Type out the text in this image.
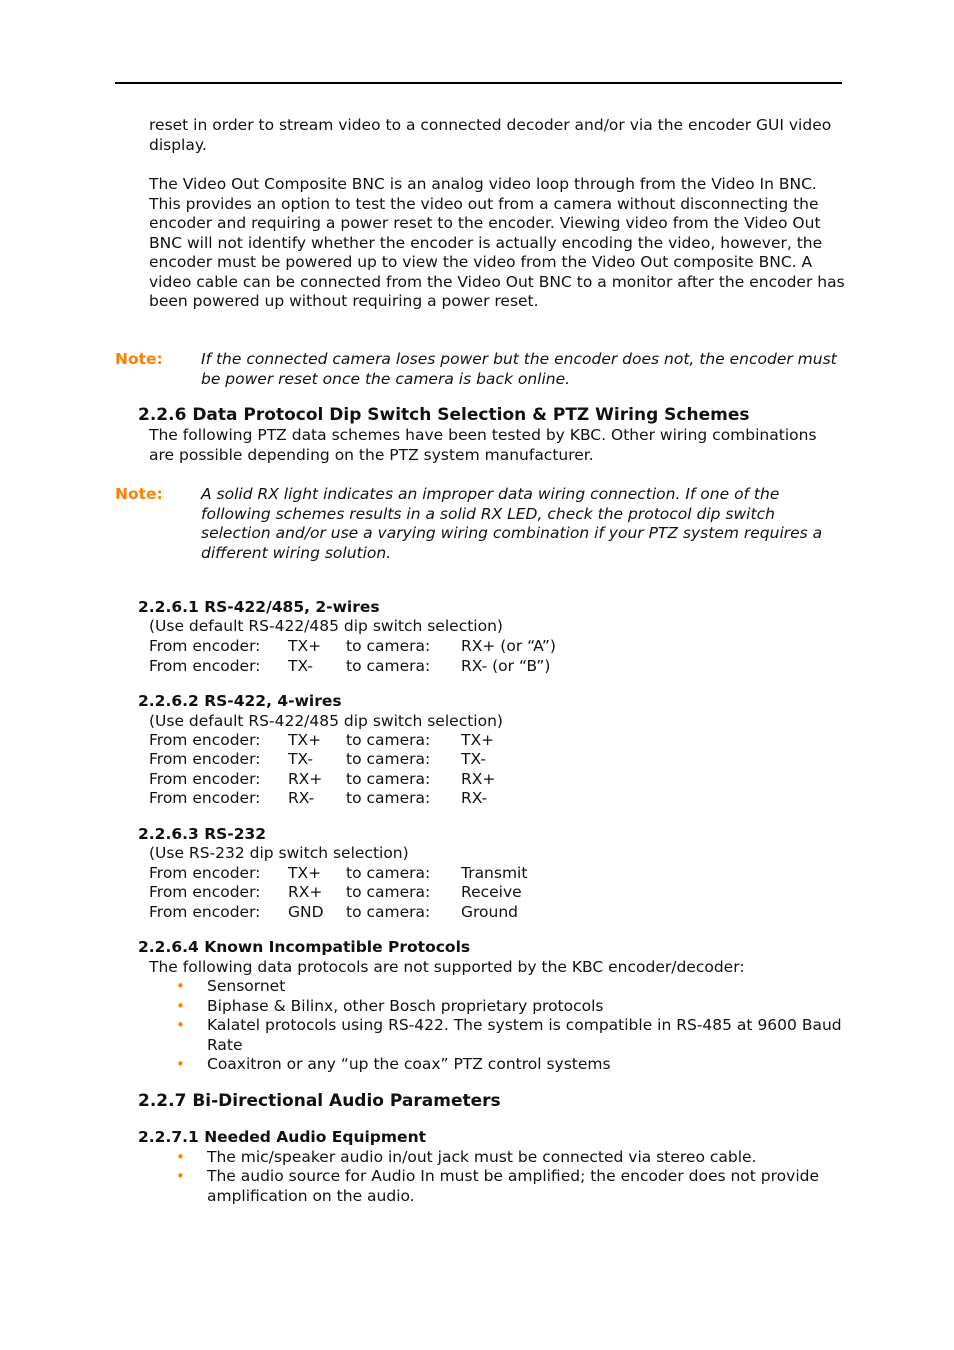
reset in order to stream video to a connected decoder and/or via the encoder GUI video display.

The Video Out Composite BNC is an analog video loop through from the Video In BNC. This provides an option to test the video out from a camera without disconnecting the encoder and requiring a power reset to the encoder. Viewing video from the Video Out BNC will not identify whether the encoder is actually encoding the video, however, the encoder must be powered up to view the video from the Video Out composite BNC. A video cable can be connected from the Video Out BNC to a monitor after the encoder has been powered up without requiring a power reset.

Note: If the connected camera loses power but the encoder does not, the encoder must be power reset once the camera is back online.
2.2.6 Data Protocol Dip Switch Selection & PTZ Wiring Schemes
The following PTZ data schemes have been tested by KBC. Other wiring combinations are possible depending on the PTZ system manufacturer.
Note: A solid RX light indicates an improper data wiring connection. If one of the following schemes results in a solid RX LED, check the protocol dip switch selection and/or use a varying wiring combination if your PTZ system requires a different wiring solution.
2.2.6.1 RS-422/485, 2-wires
(Use default RS-422/485 dip switch selection)
From encoder: TX+ to camera: RX+ (or “A”)
From encoder: TX- to camera: RX- (or “B”)
2.2.6.2 RS-422, 4-wires
(Use default RS-422/485 dip switch selection)
From encoder: TX+ to camera: TX+
From encoder: TX- to camera: TX-
From encoder: RX+ to camera: RX+
From encoder: RX- to camera: RX-
2.2.6.3 RS-232
(Use RS-232 dip switch selection)
From encoder: TX+ to camera: Transmit
From encoder: RX+ to camera: Receive
From encoder: GND to camera: Ground
2.2.6.4 Known Incompatible Protocols
The following data protocols are not supported by the KBC encoder/decoder:
• Sensornet
• Biphase & Bilinx, other Bosch proprietary protocols
• Kalatel protocols using RS-422. The system is compatible in RS-485 at 9600 Baud Rate
• Coaxitron or any “up the coax” PTZ control systems
2.2.7 Bi-Directional Audio Parameters
2.2.7.1 Needed Audio Equipment
• The mic/speaker audio in/out jack must be connected via stereo cable.
• The audio source for Audio In must be amplified; the encoder does not provide amplification on the audio.
